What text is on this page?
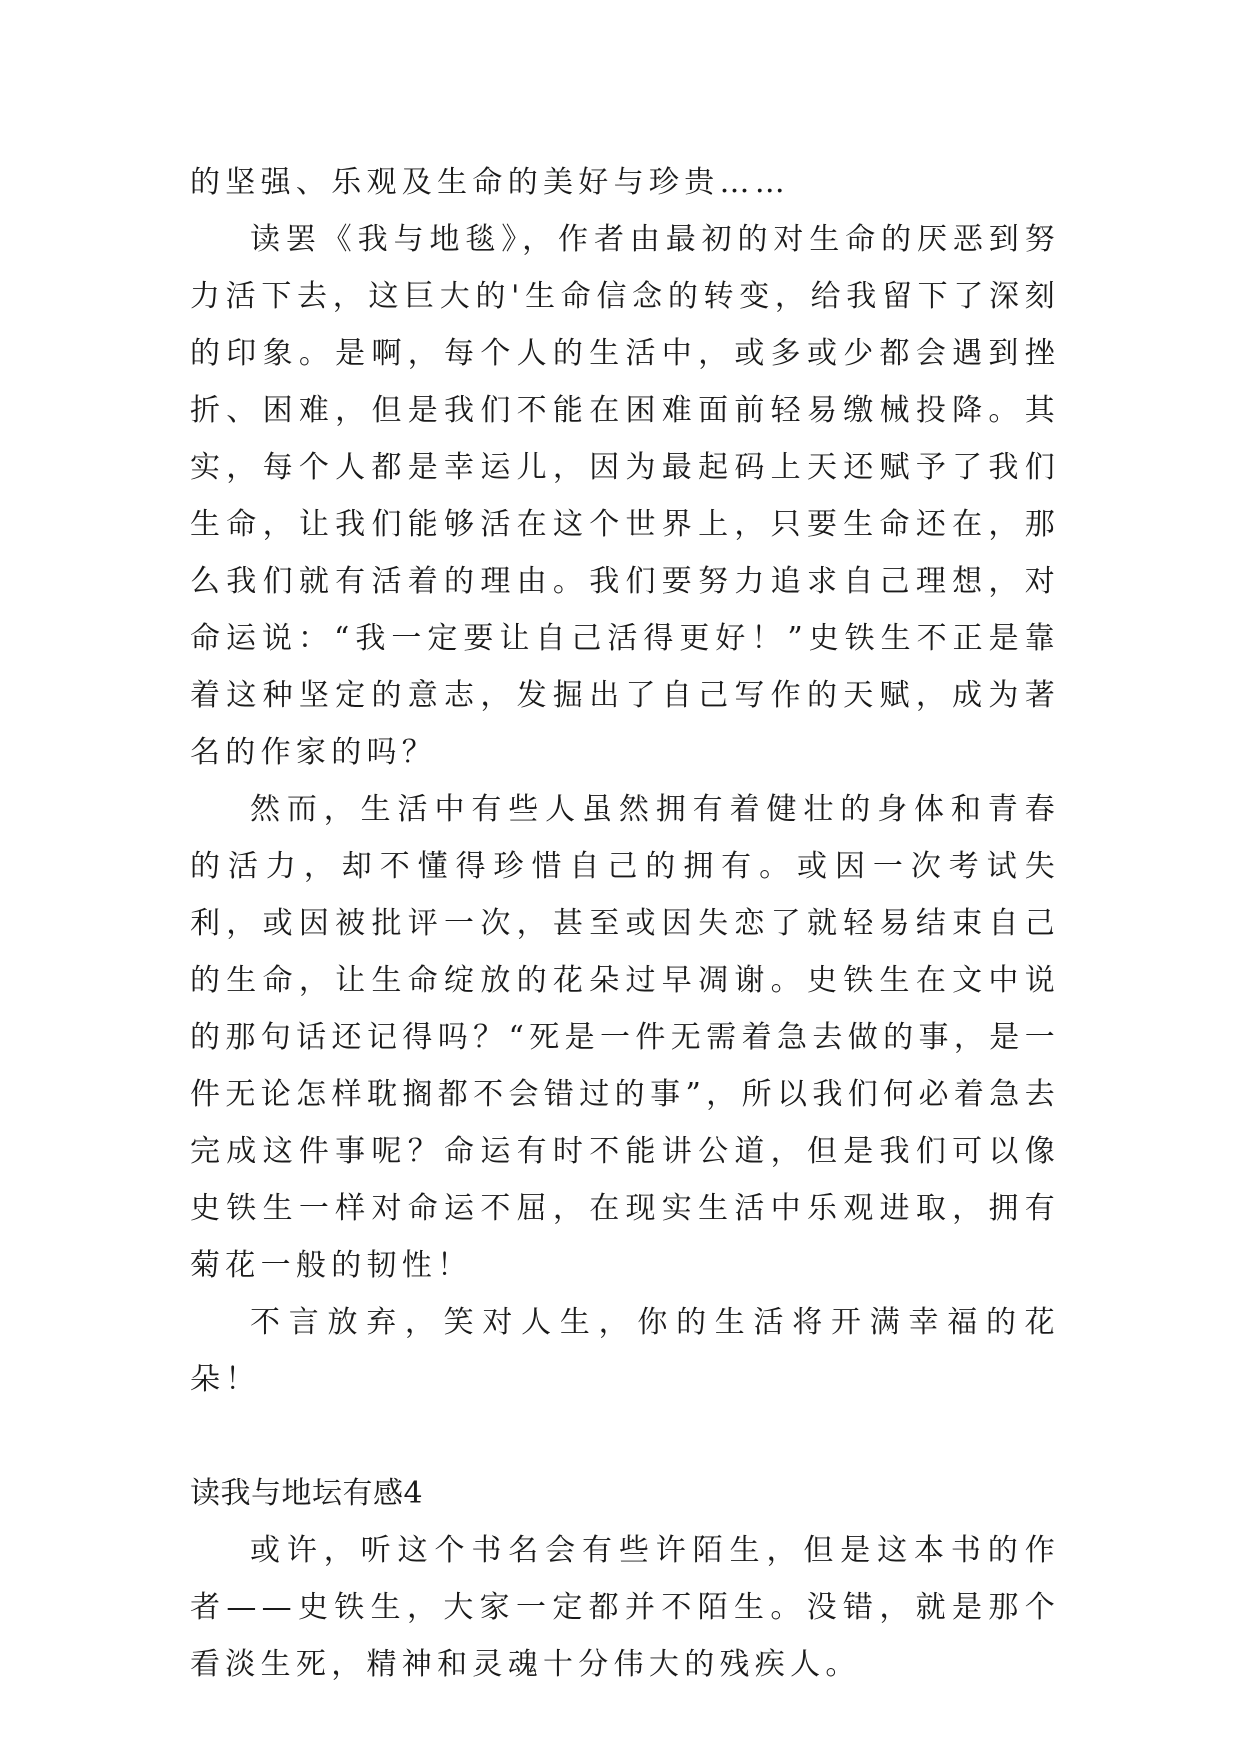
的坚强、乐观及生命的美好与珍贵……

读罢《我与地毯》，作者由最初的对生命的厌恶到努力活下去，这巨大的'生命信念的转变，给我留下了深刻的印象。是啊，每个人的生活中，或多或少都会遇到挫折、困难，但是我们不能在困难面前轻易缴械投降。其实，每个人都是幸运儿，因为最起码上天还赋予了我们生命，让我们能够活在这个世界上，只要生命还在，那么我们就有活着的理由。我们要努力追求自己理想，对命运说：“我一定要让自己活得更好！”史铁生不正是靠着这种坚定的意志，发掘出了自己写作的天赋，成为著名的作家的吗？

然而，生活中有些人虽然拥有着健壮的身体和青春的活力，却不懂得珍惜自己的拥有。或因一次考试失利，或因被批评一次，甚至或因失恋了就轻易结束自己的生命，让生命绽放的花朵过早凋谢。史铁生在文中说的那句话还记得吗？“死是一件无需着急去做的事，是一件无论怎样耽搁都不会错过的事”，所以我们何必着急去完成这件事呢？命运有时不能讲公道，但是我们可以像史铁生一样对命运不屈，在现实生活中乐观进取，拥有菊花一般的韧性！

不言放弃，笑对人生，你的生活将开满幸福的花朵！

读我与地坛有感4

或许，听这个书名会有些许陌生，但是这本书的作者——史铁生，大家一定都并不陌生。没错，就是那个看淡生死，精神和灵魂十分伟大的残疾人。
